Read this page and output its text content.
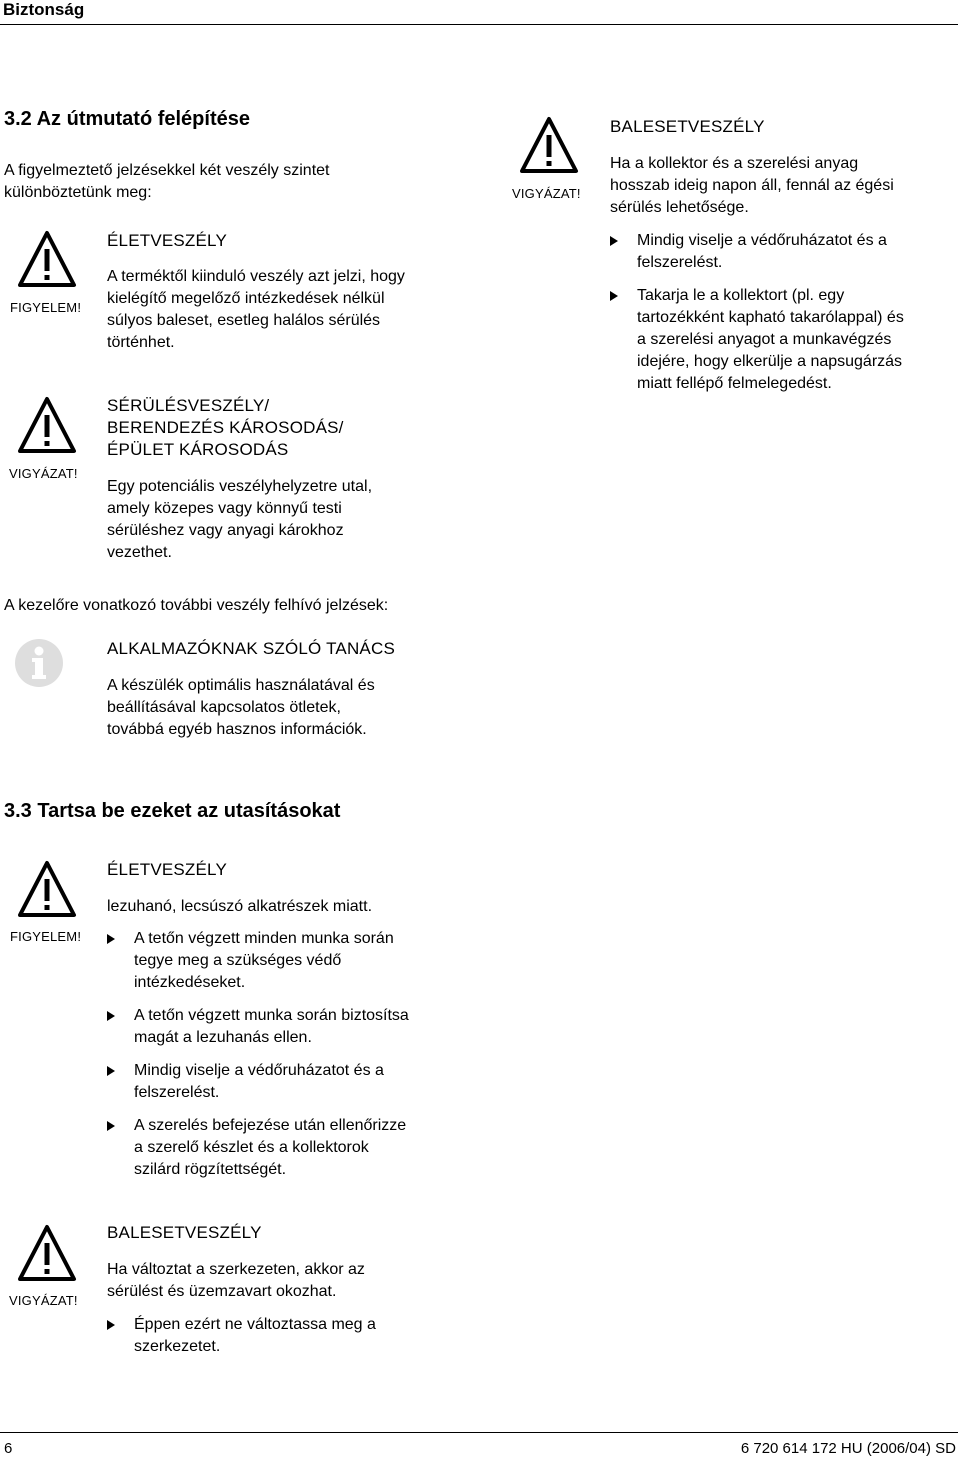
Biztonság
3.2 Az útmutató felépítése
A figyelmeztető jelzésekkel két veszély szintet
különböztetünk meg:
FIGYELEM!
ÉLETVESZÉLY
A terméktől kiinduló veszély azt jelzi, hogy
kielégítő megelőző intézkedések nélkül
súlyos baleset, esetleg halálos sérülés
történhet.
VIGYÁZAT!
SÉRÜLÉSVESZÉLY/
BERENDEZÉS KÁROSODÁS/
ÉPÜLET KÁROSODÁS
Egy potenciális veszélyhelyzetre utal,
amely közepes vagy könnyű testi
sérüléshez vagy anyagi károkhoz
vezethet.
A kezelőre vonatkozó további veszély felhívó jelzések:
ALKALMAZÓKNAK SZÓLÓ TANÁCS
A készülék optimális használatával és
beállításával kapcsolatos ötletek,
továbbá egyéb hasznos információk.
3.3 Tartsa be ezeket az utasításokat
FIGYELEM!
ÉLETVESZÉLY
lezuhanó, lecsúszó alkatrészek miatt.
A tetőn végzett minden munka során
tegye meg a szükséges védő
intézkedéseket.
A tetőn végzett munka során biztosítsa
magát a lezuhanás ellen.
Mindig viselje a védőruházatot és a
felszerelést.
A szerelés befejezése után ellenőrizze
a szerelő készlet és a kollektorok
szilárd rögzítettségét.
VIGYÁZAT!
BALESETVESZÉLY
Ha változtat a szerkezeten, akkor az
sérülést és üzemzavart okozhat.
Éppen ezért ne változtassa meg a
szerkezetet.
VIGYÁZAT!
BALESETVESZÉLY
Ha a kollektor és a szerelési anyag
hosszab ideig napon áll, fennál az égési
sérülés lehetősége.
Mindig viselje a védőruházatot és a
felszerelést.
Takarja le a kollektort (pl. egy
tartozékként kapható takarólappal) és
a szerelési anyagot a munkavégzés
idejére, hogy elkerülje a napsugárzás
miatt fellépő felmelegedést.
6	6 720 614 172 HU (2006/04) SD
